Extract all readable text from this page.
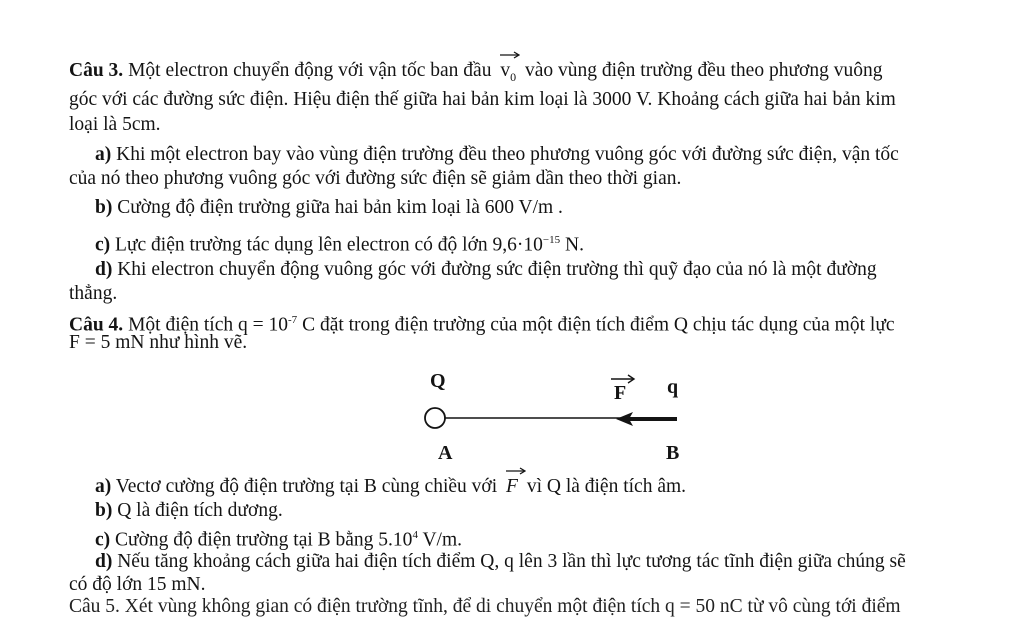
Câu 3. Một electron chuyển động với vận tốc ban đầu $v_0$ vào vùng điện trường đều theo phương vuông
góc với các đường sức điện. Hiệu điện thế giữa hai bản kim loại là 3000 V. Khoảng cách giữa hai bản kim
loại là 5cm.
a) Khi một electron bay vào vùng điện trường đều theo phương vuông góc với đường sức điện, vận tốc
của nó theo phương vuông góc với đường sức điện sẽ giảm dần theo thời gian.
b) Cường độ điện trường giữa hai bản kim loại là 600 V/m .
c) Lực điện trường tác dụng lên electron có độ lớn $9,6\cdot 10^{-15}$ N.
d) Khi electron chuyển động vuông góc với đường sức điện trường thì quỹ đạo của nó là một đường
thẳng.
Câu 4. Một điện tích $q = 10^{-7}$ C đặt trong điện trường của một điện tích điểm Q chịu tác dụng của một lực
F = 5 mN như hình vẽ.
Q
F q
A	B
a) Vectơ cường độ điện trường tại B cùng chiều với F vì Q là điện tích âm.
b) Q là điện tích dương.
c) Cường độ điện trường tại B bằng 5.10$^4$ V/m.
d) Nếu tăng khoảng cách giữa hai điện tích điểm Q, q lên 3 lần thì lực tương tác tĩnh điện giữa chúng sẽ
có độ lớn 15 mN.
Câu 5. Xét vùng không gian có điện trường tĩnh, để di chuyển một điện tích q = 50 nC từ vô cùng tới điểm
